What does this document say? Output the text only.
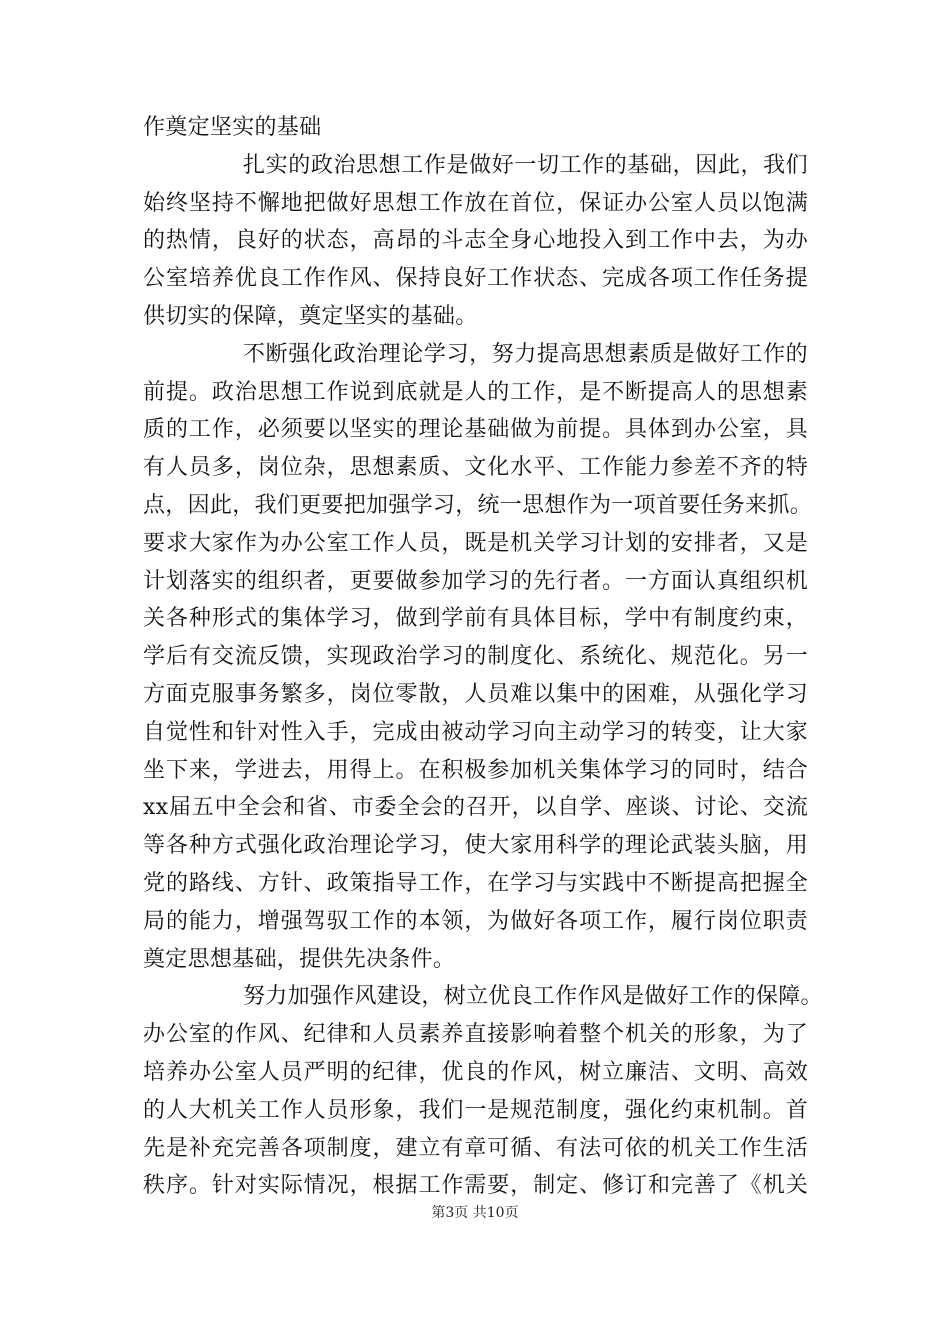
作奠定坚实的基础
扎实的政治思想工作是做好一切工作的基础，因此，我们
始终坚持不懈地把做好思想工作放在首位，保证办公室人员以饱满
的热情，良好的状态，高昂的斗志全身心地投入到工作中去，为办
公室培养优良工作作风、保持良好工作状态、完成各项工作任务提
供切实的保障，奠定坚实的基础。
不断强化政治理论学习，努力提高思想素质是做好工作的
前提。政治思想工作说到底就是人的工作，是不断提高人的思想素
质的工作，必须要以坚实的理论基础做为前提。具体到办公室，具
有人员多，岗位杂，思想素质、文化水平、工作能力参差不齐的特
点，因此，我们更要把加强学习，统一思想作为一项首要任务来抓。
要求大家作为办公室工作人员，既是机关学习计划的安排者，又是
计划落实的组织者，更要做参加学习的先行者。一方面认真组织机
关各种形式的集体学习，做到学前有具体目标，学中有制度约束，
学后有交流反馈，实现政治学习的制度化、系统化、规范化。另一
方面克服事务繁多，岗位零散，人员难以集中的困难，从强化学习
自觉性和针对性入手，完成由被动学习向主动学习的转变，让大家
坐下来，学进去，用得上。在积极参加机关集体学习的同时，结合
xx届五中全会和省、市委全会的召开，以自学、座谈、讨论、交流
等各种方式强化政治理论学习，使大家用科学的理论武装头脑，用
党的路线、方针、政策指导工作，在学习与实践中不断提高把握全
局的能力，增强驾驭工作的本领，为做好各项工作，履行岗位职责
奠定思想基础，提供先决条件。
努力加强作风建设，树立优良工作作风是做好工作的保障。
办公室的作风、纪律和人员素养直接影响着整个机关的形象，为了
培养办公室人员严明的纪律，优良的作风，树立廉洁、文明、高效
的人大机关工作人员形象，我们一是规范制度，强化约束机制。首
先是补充完善各项制度，建立有章可循、有法可依的机关工作生活
秩序。针对实际情况，根据工作需要，制定、修订和完善了《机关
第3页 共10页
